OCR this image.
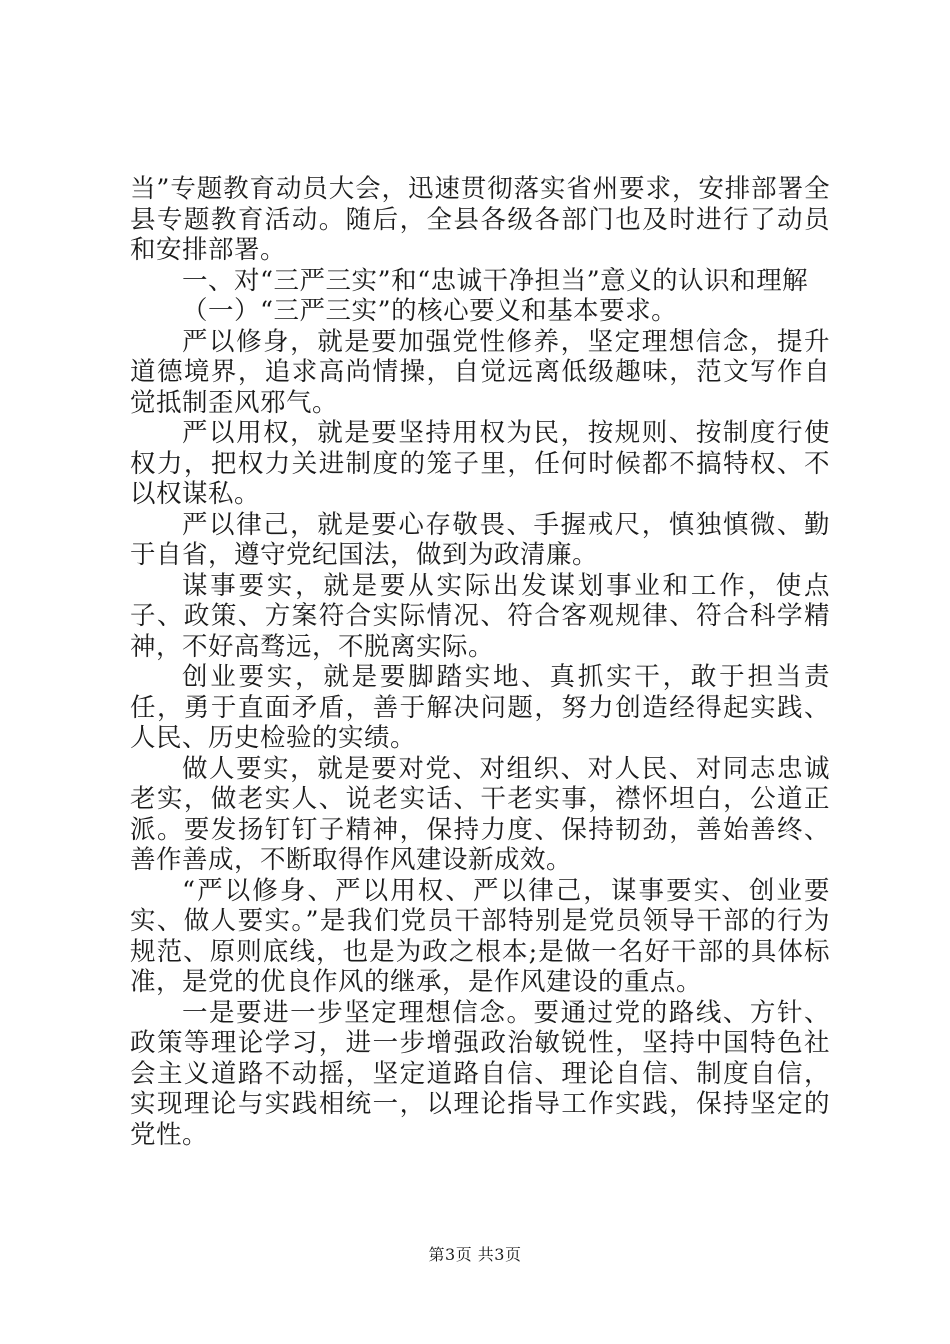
当”专题教育动员大会，迅速贯彻落实省州要求，安排部署全县专题教育活动。随后，全县各级各部门也及时进行了动员和安排部署。

一、对“三严三实”和“忠诚干净担当”意义的认识和理解

（一）“三严三实”的核心要义和基本要求。

严以修身，就是要加强党性修养，坚定理想信念，提升道德境界，追求高尚情操，自觉远离低级趣味，范文写作自觉抵制歪风邪气。

严以用权，就是要坚持用权为民，按规则、按制度行使权力，把权力关进制度的笼子里，任何时候都不搞特权、不以权谋私。

严以律己，就是要心存敬畏、手握戒尺，慎独慎微、勤于自省，遵守党纪国法，做到为政清廉。

谋事要实，就是要从实际出发谋划事业和工作，使点子、政策、方案符合实际情况、符合客观规律、符合科学精神，不好高骛远，不脱离实际。

创业要实，就是要脚踏实地、真抓实干，敢于担当责任，勇于直面矛盾，善于解决问题，努力创造经得起实践、人民、历史检验的实绩。

做人要实，就是要对党、对组织、对人民、对同志忠诚老实，做老实人、说老实话、干老实事，襟怀坦白，公道正派。要发扬钉钉子精神，保持力度、保持韧劲，善始善终、善作善成，不断取得作风建设新成效。

“严以修身、严以用权、严以律己，谋事要实、创业要实、做人要实。”是我们党员干部特别是党员领导干部的行为规范、原则底线，也是为政之根本;是做一名好干部的具体标准，是党的优良作风的继承，是作风建设的重点。

一是要进一步坚定理想信念。要通过党的路线、方针、政策等理论学习，进一步增强政治敏锐性，坚持中国特色社会主义道路不动摇，坚定道路自信、理论自信、制度自信，实现理论与实践相统一，以理论指导工作实践，保持坚定的党性。

第3页 共3页
